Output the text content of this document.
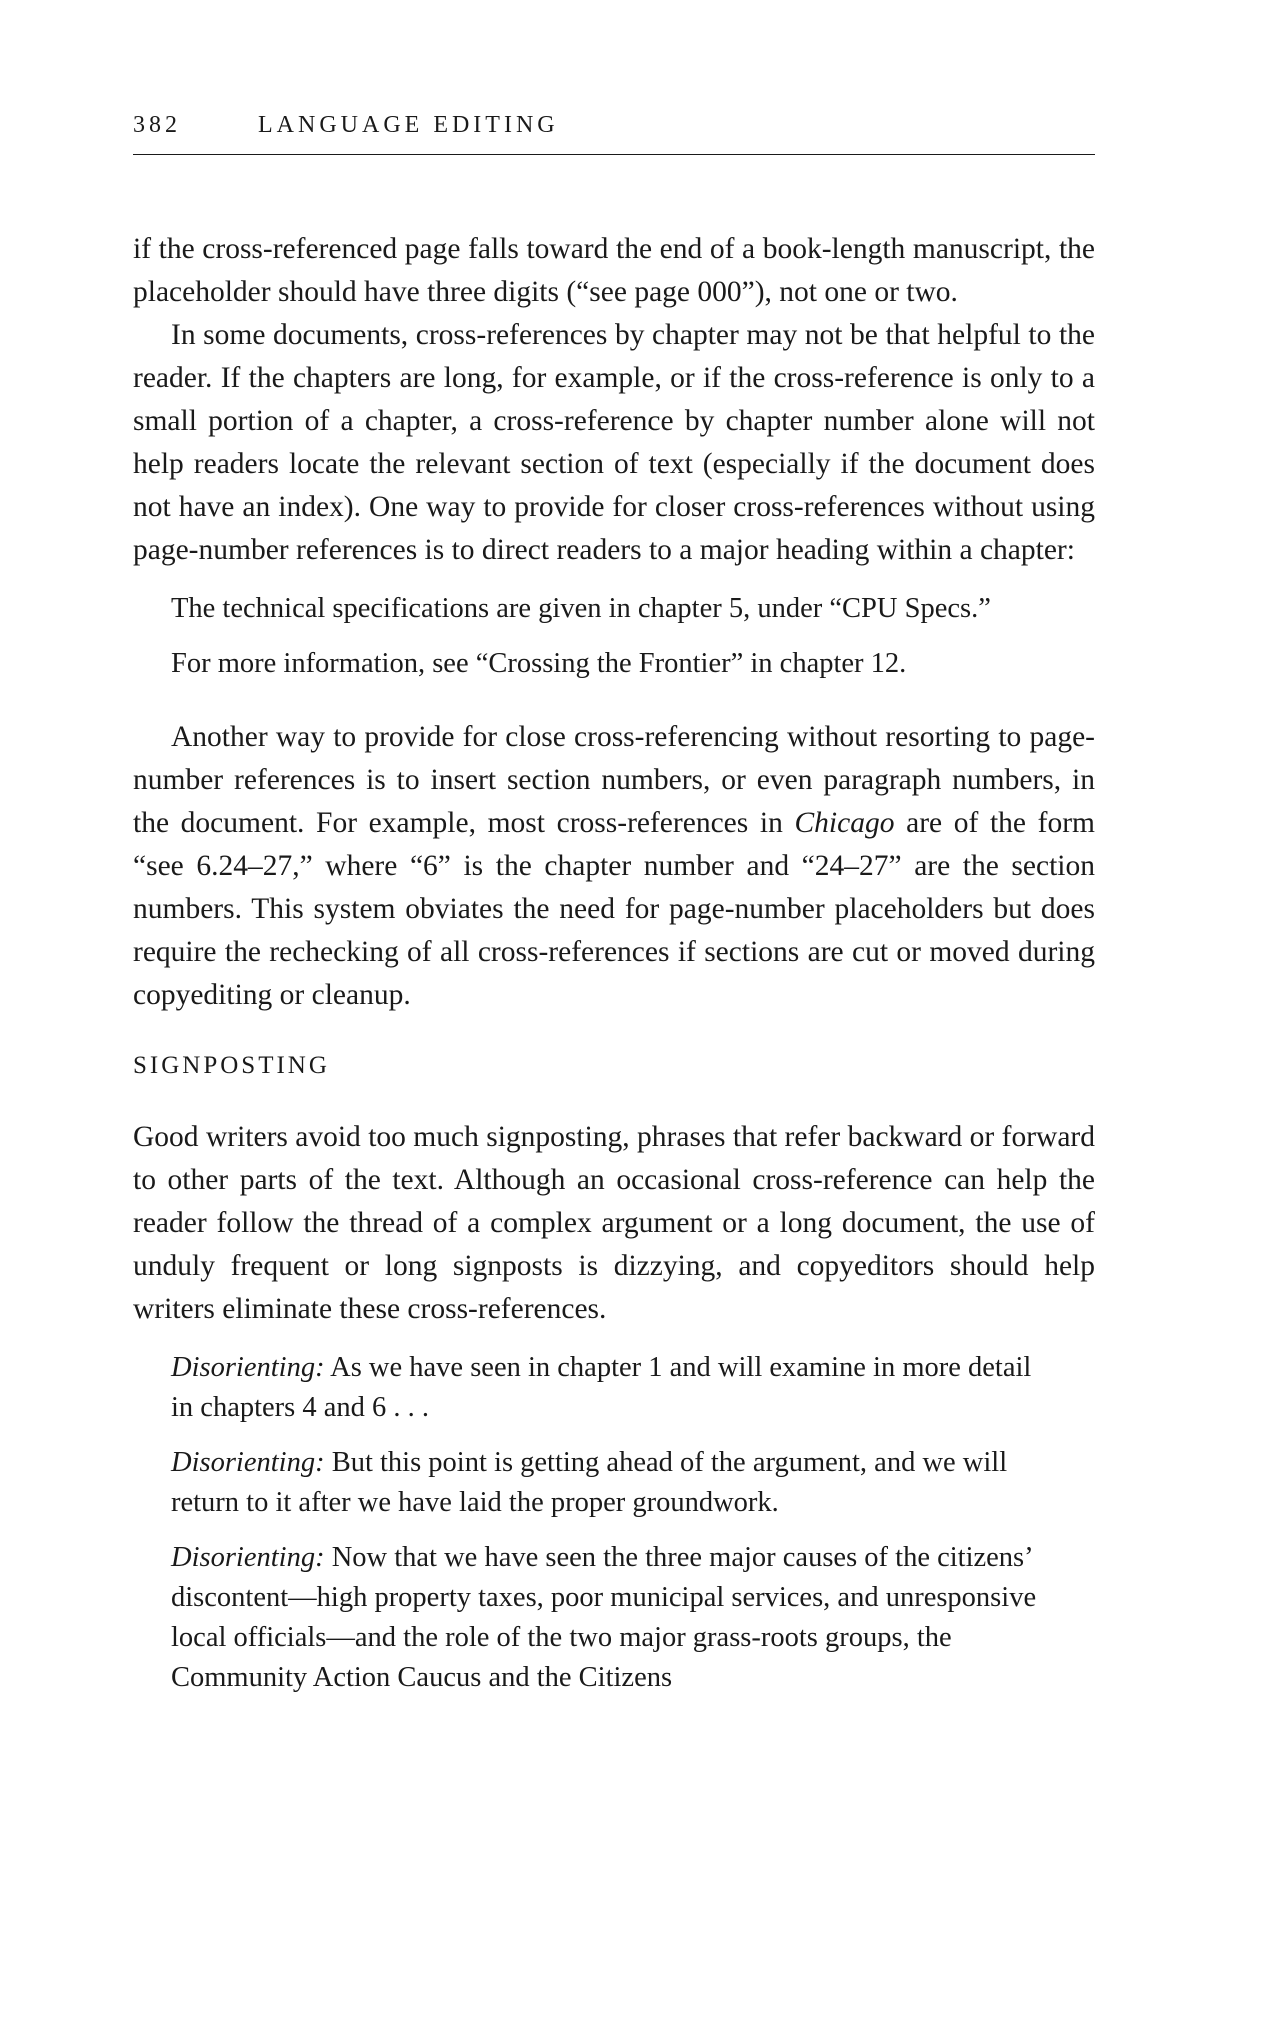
382	LANGUAGE EDITING

if the cross-referenced page falls toward the end of a book-length manuscript, the placeholder should have three digits (“see page 000”), not one or two.

In some documents, cross-references by chapter may not be that helpful to the reader. If the chapters are long, for example, or if the cross-reference is only to a small portion of a chapter, a cross-reference by chapter number alone will not help readers locate the relevant section of text (especially if the document does not have an index). One way to provide for closer cross-references without using page-number references is to direct readers to a major heading within a chapter:

The technical specifications are given in chapter 5, under “CPU Specs.”

For more information, see “Crossing the Frontier” in chapter 12.

Another way to provide for close cross-referencing without resorting to page-number references is to insert section numbers, or even paragraph numbers, in the document. For example, most cross-references in Chicago are of the form “see 6.24–27,” where “6” is the chapter number and “24–27” are the section numbers. This system obviates the need for page-number placeholders but does require the rechecking of all cross-references if sections are cut or moved during copyediting or cleanup.

SIGNPOSTING

Good writers avoid too much signposting, phrases that refer backward or forward to other parts of the text. Although an occasional cross-reference can help the reader follow the thread of a complex argument or a long document, the use of unduly frequent or long signposts is dizzying, and copyeditors should help writers eliminate these cross-references.

Disorienting: As we have seen in chapter 1 and will examine in more detail in chapters 4 and 6 . . .

Disorienting: But this point is getting ahead of the argument, and we will return to it after we have laid the proper groundwork.

Disorienting: Now that we have seen the three major causes of the citizens’ discontent—high property taxes, poor municipal services, and unresponsive local officials—and the role of the two major grass-roots groups, the Community Action Caucus and the Citizens
